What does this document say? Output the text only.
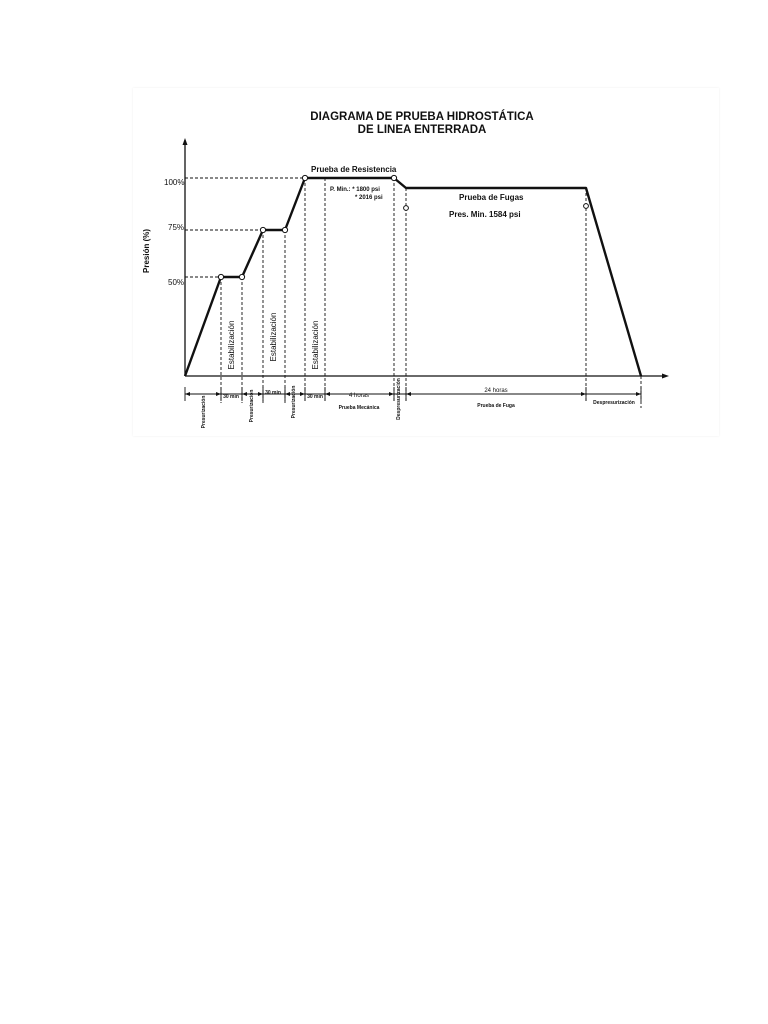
DIAGRAMA DE PRUEBA HIDROSTÁTICA
DE LINEA ENTERRADA
Presión (%)
100%
75%
50%
Prueba de Resistencia
P. Min.: * 1800 psi
* 2016 psi	Prueba de Fugas
Pres. Min. 1584 psi
Estabilización	Estabilización	Estabilización
Presurización	30 min Presurización 30 min Presurización 30 min	4 horas
Prueba Mecánica	Despresurización	24 horas
Prueba de Fuga	Despresurización
